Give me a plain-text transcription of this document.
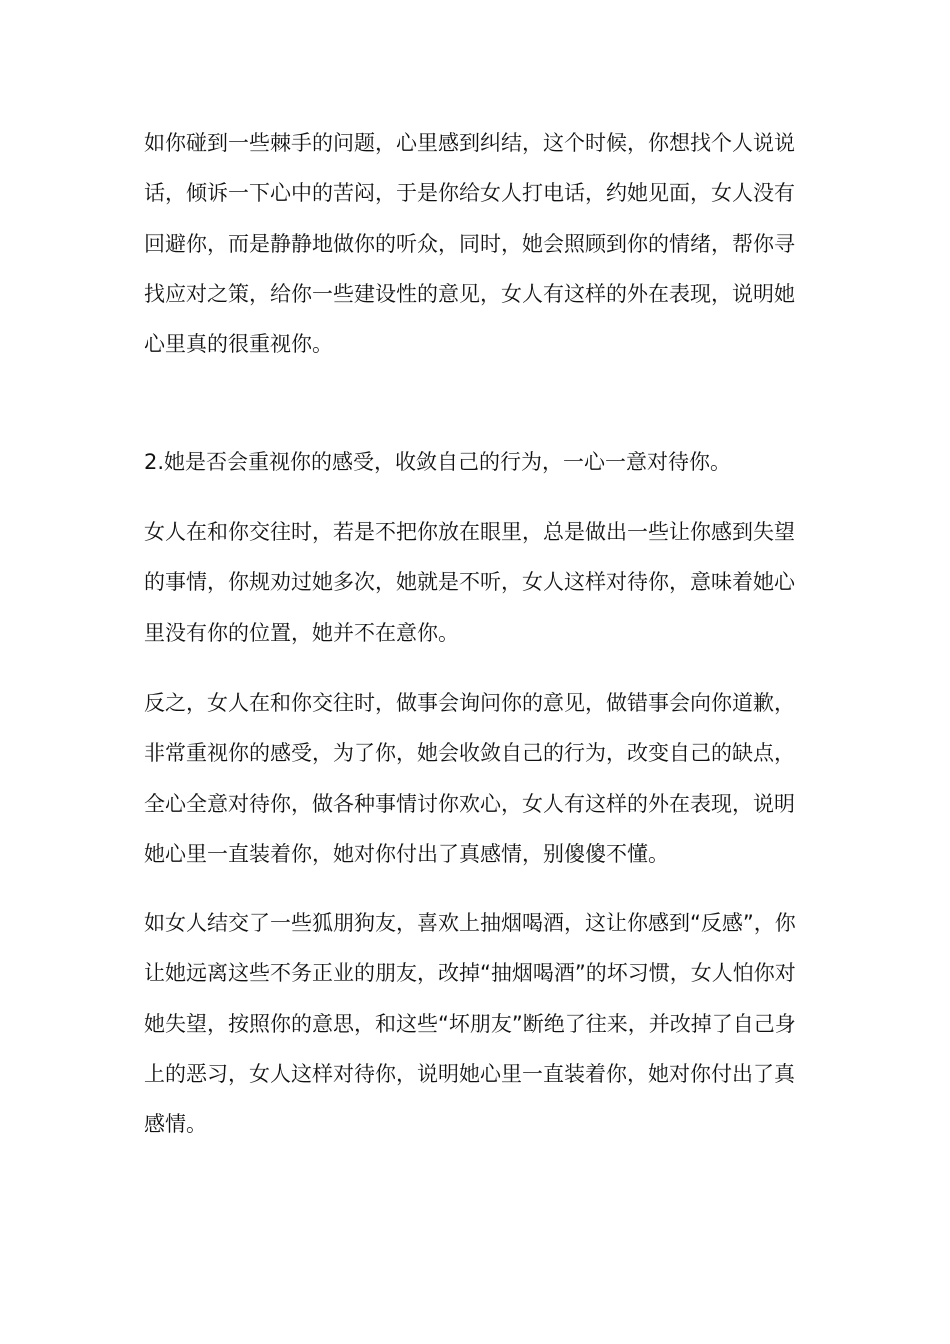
如你碰到一些棘手的问题，心里感到纠结，这个时候，你想找个人说说话，倾诉一下心中的苦闷，于是你给女人打电话，约她见面，女人没有回避你，而是静静地做你的听众，同时，她会照顾到你的情绪，帮你寻找应对之策，给你一些建设性的意见，女人有这样的外在表现，说明她心里真的很重视你。

2.她是否会重视你的感受，收敛自己的行为，一心一意对待你。

女人在和你交往时，若是不把你放在眼里，总是做出一些让你感到失望的事情，你规劝过她多次，她就是不听，女人这样对待你，意味着她心里没有你的位置，她并不在意你。

反之，女人在和你交往时，做事会询问你的意见，做错事会向你道歉，非常重视你的感受，为了你，她会收敛自己的行为，改变自己的缺点，全心全意对待你，做各种事情讨你欢心，女人有这样的外在表现，说明她心里一直装着你，她对你付出了真感情，别傻傻不懂。

如女人结交了一些狐朋狗友，喜欢上抽烟喝酒，这让你感到“反感”，你让她远离这些不务正业的朋友，改掉“抽烟喝酒”的坏习惯，女人怕你对她失望，按照你的意思，和这些“坏朋友”断绝了往来，并改掉了自己身上的恶习，女人这样对待你，说明她心里一直装着你，她对你付出了真感情。
